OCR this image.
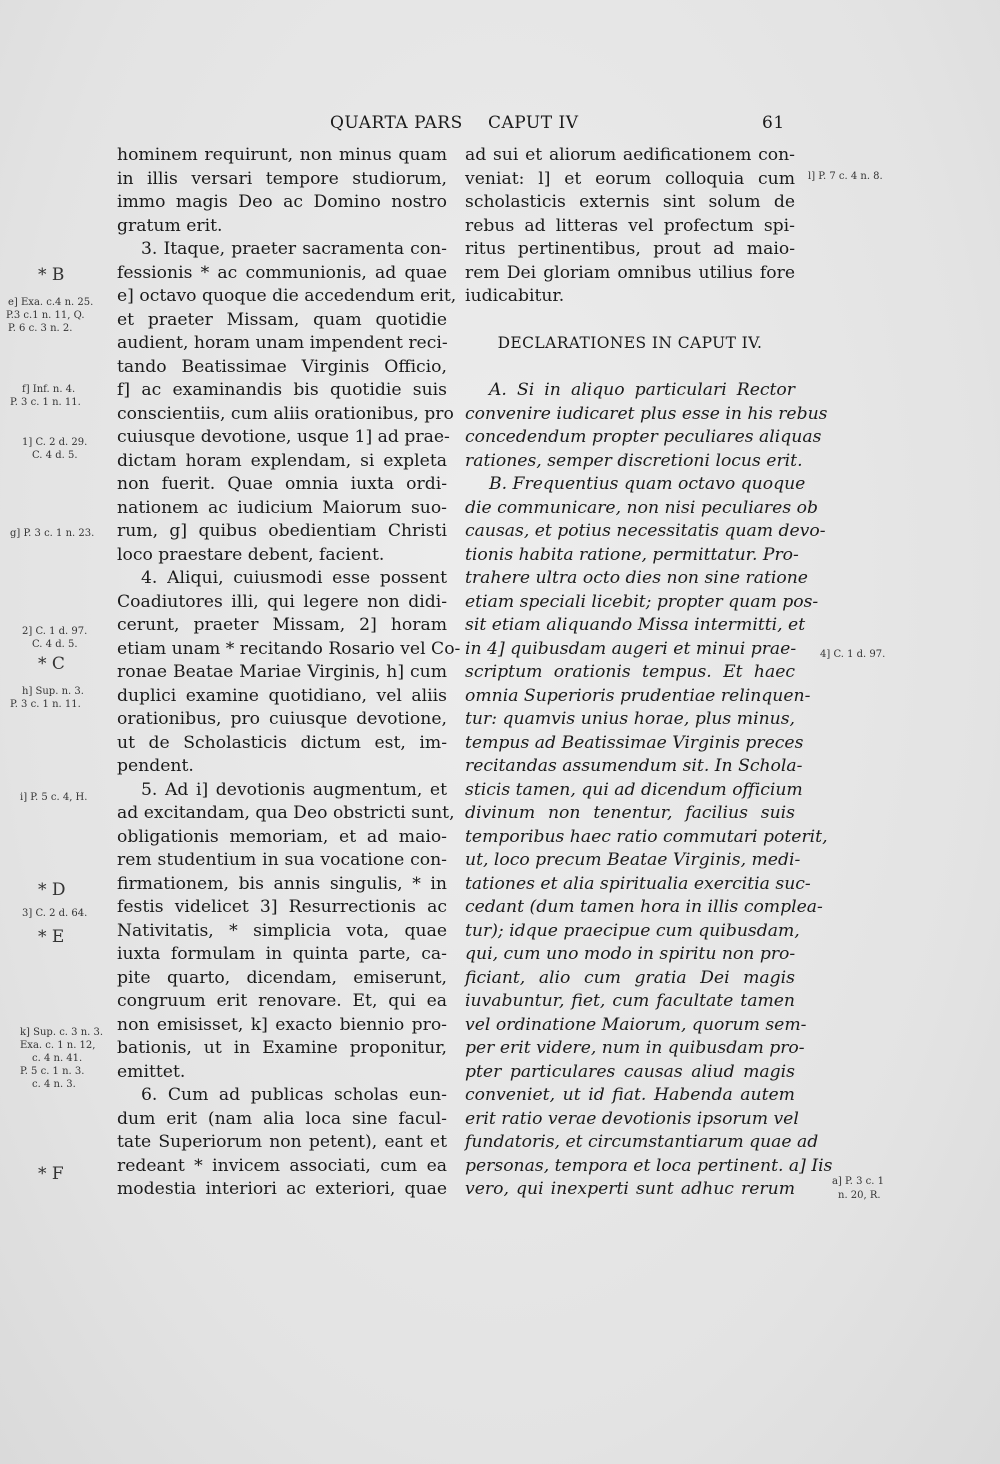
QUARTA PARS CAPUT IV	61
* B
* C
* D
* E
* F
e] Exa. c.4 n. 25.
P.3 c.1 n. 11, Q.
P. 6 c. 3 n. 2.
f] Inf. n. 4.
P. 3 c. 1 n. 11.
1] C. 2 d. 29.
C. 4 d. 5.
g] P. 3 c. 1 n. 23.
2] C. 1 d. 97.
C. 4 d. 5.
h] Sup. n. 3.
P. 3 c. 1 n. 11.
i] P. 5 c. 4, H.
3] C. 2 d. 64.
k] Sup. c. 3 n. 3.
Exa. c. 1 n. 12,
c. 4 n. 41.
P. 5 c. 1 n. 3.
c. 4 n. 3.
l] P. 7 c. 4 n. 8.
4] C. 1 d. 97.
a] P. 3 c. 1
n. 20, R.
hominem requirunt, non minus quam
in illis versari tempore studiorum,
immo magis Deo ac Domino nostro
gratum erit.
3. Itaque, praeter sacramenta con-
fessionis * ac communionis, ad quae
e] octavo quoque die accedendum erit,
et praeter Missam, quam quotidie
audient, horam unam impendent reci-
tando Beatissimae Virginis Officio,
f] ac examinandis bis quotidie suis
conscientiis, cum aliis orationibus, pro
cuiusque devotione, usque 1] ad prae-
dictam horam explendam, si expleta
non fuerit. Quae omnia iuxta ordi-
nationem ac iudicium Maiorum suo-
rum, g] quibus obedientiam Christi
loco praestare debent, facient.
4. Aliqui, cuiusmodi esse possent
Coadiutores illi, qui legere non didi-
cerunt, praeter Missam, 2] horam
etiam unam * recitando Rosario vel Co-
ronae Beatae Mariae Virginis, h] cum
duplici examine quotidiano, vel aliis
orationibus, pro cuiusque devotione,
ut de Scholasticis dictum est, im-
pendent.
5. Ad i] devotionis augmentum, et
ad excitandam, qua Deo obstricti sunt,
obligationis memoriam, et ad maio-
rem studentium in sua vocatione con-
firmationem, bis annis singulis, * in
festis videlicet 3] Resurrectionis ac
Nativitatis, * simplicia vota, quae
iuxta formulam in quinta parte, ca-
pite quarto, dicendam, emiserunt,
congruum erit renovare. Et, qui ea
non emisisset, k] exacto biennio pro-
bationis, ut in Examine proponitur,
emittet.
6. Cum ad publicas scholas eun-
dum erit (nam alia loca sine facul-
tate Superiorum non petent), eant et
redeant * invicem associati, cum ea
modestia interiori ac exteriori, quae
ad sui et aliorum aedificationem con-
veniat: l] et eorum colloquia cum
scholasticis externis sint solum de
rebus ad litteras vel profectum spi-
ritus pertinentibus, prout ad maio-
rem Dei gloriam omnibus utilius fore
iudicabitur.
DECLARATIONES IN CAPUT IV.
A. Si in aliquo particulari Rector
convenire iudicaret plus esse in his rebus
concedendum propter peculiares aliquas
rationes, semper discretioni locus erit.
B. Frequentius quam octavo quoque
die communicare, non nisi peculiares ob
causas, et potius necessitatis quam devo-
tionis habita ratione, permittatur. Pro-
trahere ultra octo dies non sine ratione
etiam speciali licebit; propter quam pos-
sit etiam aliquando Missa intermitti, et
in 4] quibusdam augeri et minui prae-
scriptum orationis tempus. Et haec
omnia Superioris prudentiae relinquen-
tur: quamvis unius horae, plus minus,
tempus ad Beatissimae Virginis preces
recitandas assumendum sit. In Schola-
sticis tamen, qui ad dicendum officium
divinum non tenentur, facilius suis
temporibus haec ratio commutari poterit,
ut, loco precum Beatae Virginis, medi-
tationes et alia spiritualia exercitia suc-
cedant (dum tamen hora in illis complea-
tur); idque praecipue cum quibusdam,
qui, cum uno modo in spiritu non pro-
ficiant, alio cum gratia Dei magis
iuvabuntur, fiet, cum facultate tamen
vel ordinatione Maiorum, quorum sem-
per erit videre, num in quibusdam pro-
pter particulares causas aliud magis
conveniet, ut id fiat. Habenda autem
erit ratio verae devotionis ipsorum vel
fundatoris, et circumstantiarum quae ad
personas, tempora et loca pertinent. a] Iis
vero, qui inexperti sunt adhuc rerum
